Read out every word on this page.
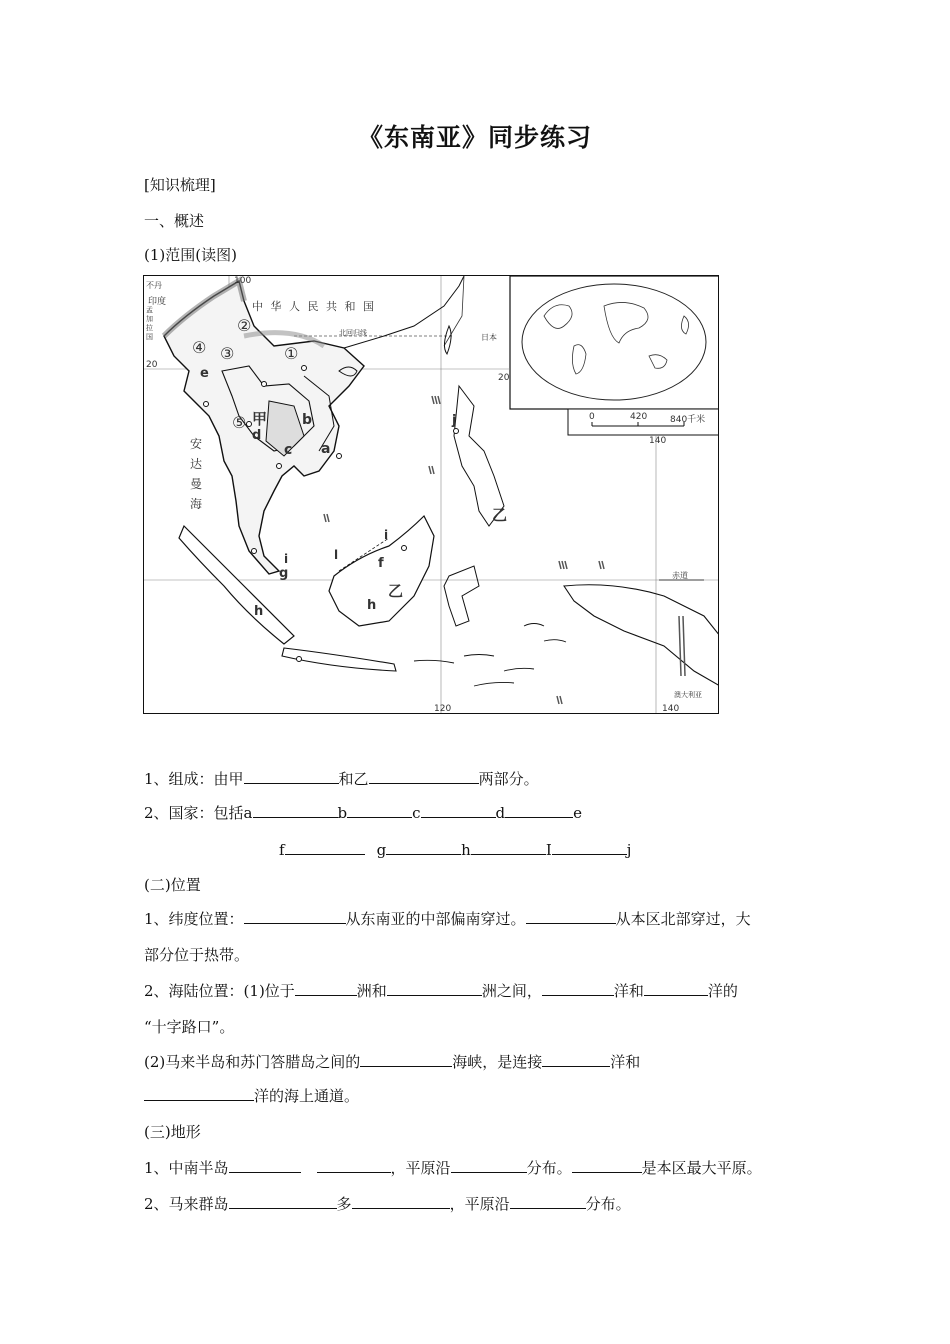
《东南亚》同步练习
[知识梳理]
一、概述
(1)范围(读图)
100
20
20
120
140
140
0	420	840千米
中 华 人 民 共 和 国
北回归线	日本
不丹
印度
孟加拉国
安达曼海
赤道
澳大利亚
①
②
③
④
⑤ 甲
乙
乙
a
b
c
d
e
f
g
h	h
i
i
j
l
1、组成：由甲	和乙	两部分。
2、国家：包括a	b	c	d	e
f	g	h	I	j
(二)位置
1、纬度位置：	从东南亚的中部偏南穿过。	从本区北部穿过，大
部分位于热带。
2、海陆位置：(1)位于	洲和	洲之间，	洋和	洋的
“十字路口”。
(2)马来半岛和苏门答腊岛之间的	海峡，是连接	洋和
洋的海上通道。
(三)地形
1、中南半岛	，平原沿	分布。	是本区最大平原。
2、马来群岛	多	，平原沿	分布。
